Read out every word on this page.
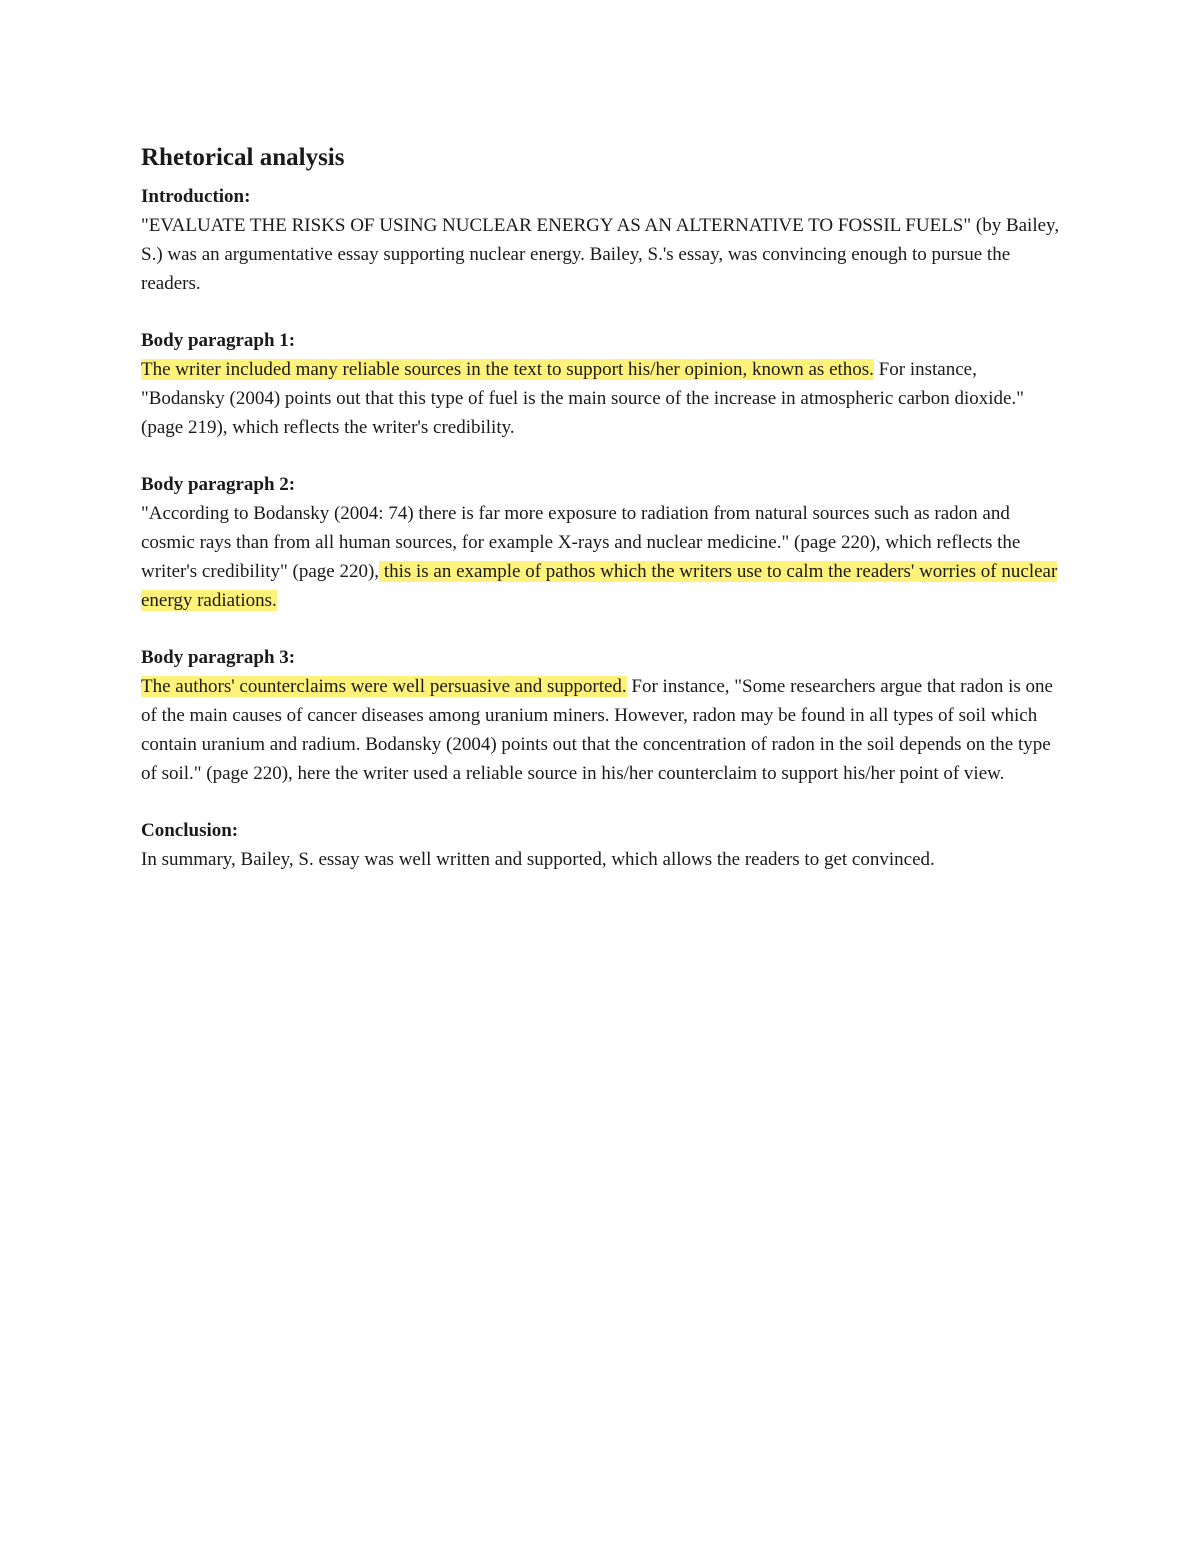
Rhetorical analysis

Introduction:

"EVALUATE THE RISKS OF USING NUCLEAR ENERGY AS AN ALTERNATIVE TO FOSSIL FUELS" (by Bailey, S.) was an argumentative essay supporting nuclear energy. Bailey, S.'s essay, was convincing enough to pursue the readers.

Body paragraph 1:

The writer included many reliable sources in the text to support his/her opinion, known as ethos. For instance, "Bodansky (2004) points out that this type of fuel is the main source of the increase in atmospheric carbon dioxide." (page 219), which reflects the writer's credibility.

Body paragraph 2:

"According to Bodansky (2004: 74) there is far more exposure to radiation from natural sources such as radon and cosmic rays than from all human sources, for example X-rays and nuclear medicine." (page 220), which reflects the writer's credibility" (page 220), this is an example of pathos which the writers use to calm the readers' worries of nuclear energy radiations.

Body paragraph 3:

The authors' counterclaims were well persuasive and supported. For instance, "Some researchers argue that radon is one of the main causes of cancer diseases among uranium miners. However, radon may be found in all types of soil which contain uranium and radium. Bodansky (2004) points out that the concentration of radon in the soil depends on the type of soil." (page 220), here the writer used a reliable source in his/her counterclaim to support his/her point of view.

Conclusion:

In summary, Bailey, S. essay was well written and supported, which allows the readers to get convinced.
